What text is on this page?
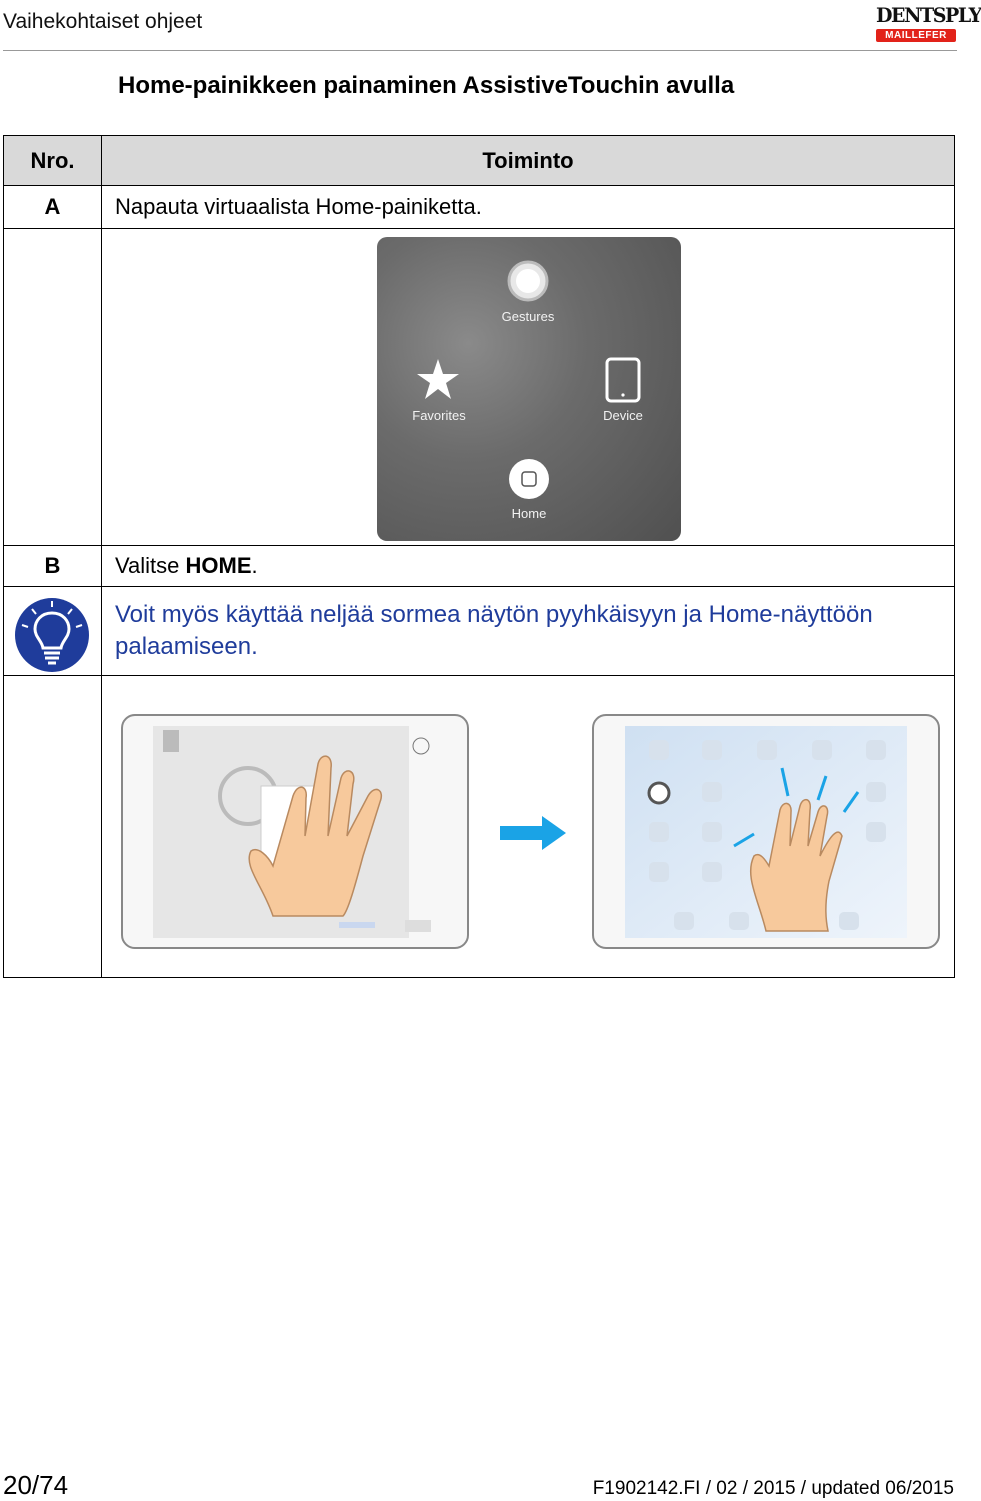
Vaihekohtaiset ohjeet	DENTSPLY
MAILLEFER
Home-painikkeen painaminen AssistiveTouchin avulla
Nro.	Toiminto
A	Napauta virtuaalista Home-painiketta.

B	Valitse HOME.
	Voit myös käyttää neljää sormea näytön pyyhkäisyyn ja Home-näyttöön palaamiseen.

Gestures
Favorites	Device
Home
20/74	F1902142.FI / 02 / 2015 / updated 06/2015
